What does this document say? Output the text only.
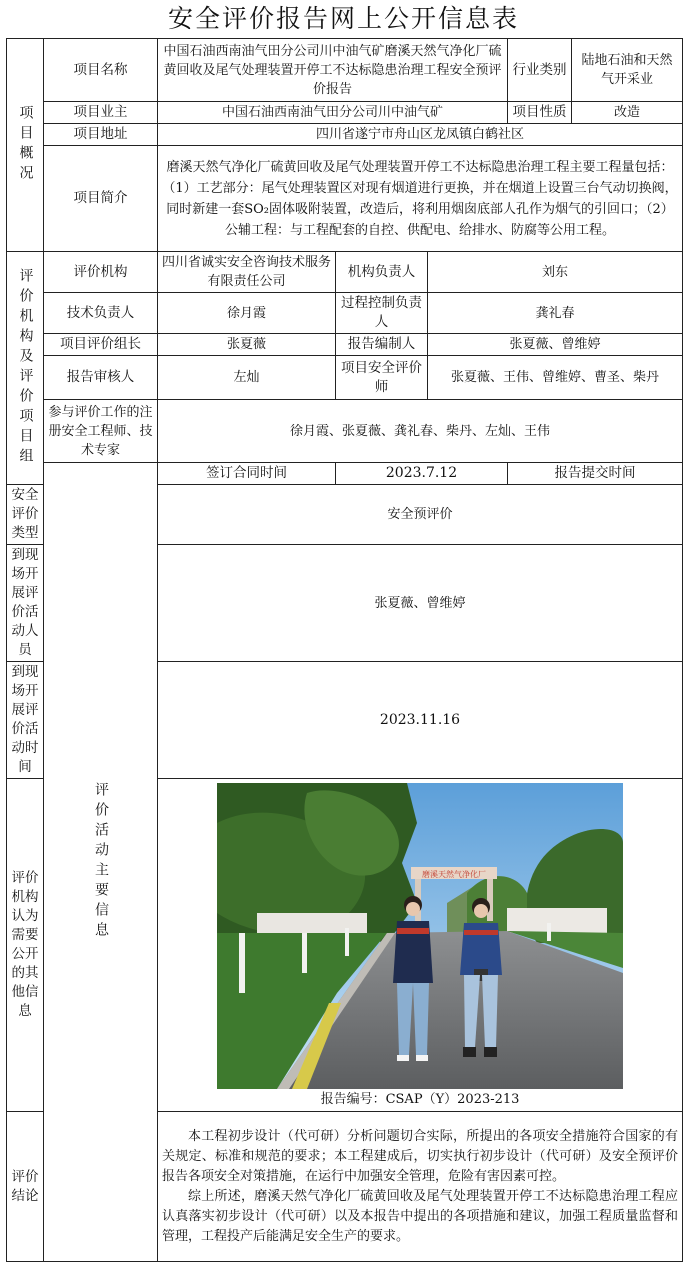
安全评价报告网上公开信息表
项目概况	项目名称	中国石油西南油气田分公司川中油气矿磨溪天然气净化厂硫黄回收及尾气处理装置开停工不达标隐患治理工程安全预评价报告			行业类别	陆地石油和天然气开采业	
	项目业主	中国石油西南油气田分公司川中油气矿			项目性质	改造	
	项目地址	四川省遂宁市舟山区龙凤镇白鹤社区					
	项目简介	磨溪天然气净化厂硫黄回收及尾气处理装置开停工不达标隐患治理工程主要工程量包括：（1）工艺部分：尾气处理装置区对现有烟道进行更换，并在烟道上设置三台气动切换阀，同时新建一套SO₂固体吸附装置，改造后，将利用烟囱底部人孔作为烟气的引回口；（2）公辅工程：与工程配套的自控、供配电、给排水、防腐等公用工程。					
评价机构及评价项目组	评价机构	四川省诚实安全咨询技术服务有限责任公司	机构负责人	刘东			
	技术负责人	徐月霞	过程控制负责人	龚礼春			
	项目评价组长	张夏薇	报告编制人	张夏薇、曾维婷			
	报告审核人	左灿	项目安全评价师	张夏薇、王伟、曾维婷、曹圣、柴丹			
	参与评价工作的注册安全工程师、技术专家	徐月霞、张夏薇、龚礼春、柴丹、左灿、王伟					
	评价活动主要信息	签订合同时间	2023.7.12		报告提交时间	
安全评价类型		安全预评价					
到现场开展评价活动人员		张夏薇、曾维婷					
到现场开展评价活动时间		2023.11.16					
评价机构认为需要公开的其他信息		磨溪天然气净化厂
报告编号：CSAP（Y）2023-213					

评价结论		本工程初步设计（代可研）分析问题切合实际，所提出的各项安全措施符合国家的有关规定、标准和规范的要求；本工程建成后，切实执行初步设计（代可研）及安全预评价报告各项安全对策措施，在运行中加强安全管理，危险有害因素可控。

综上所述，磨溪天然气净化厂硫黄回收及尾气处理装置开停工不达标隐患治理工程应认真落实初步设计（代可研）以及本报告中提出的各项措施和建议，加强工程质量监督和管理，工程投产后能满足安全生产的要求。					
